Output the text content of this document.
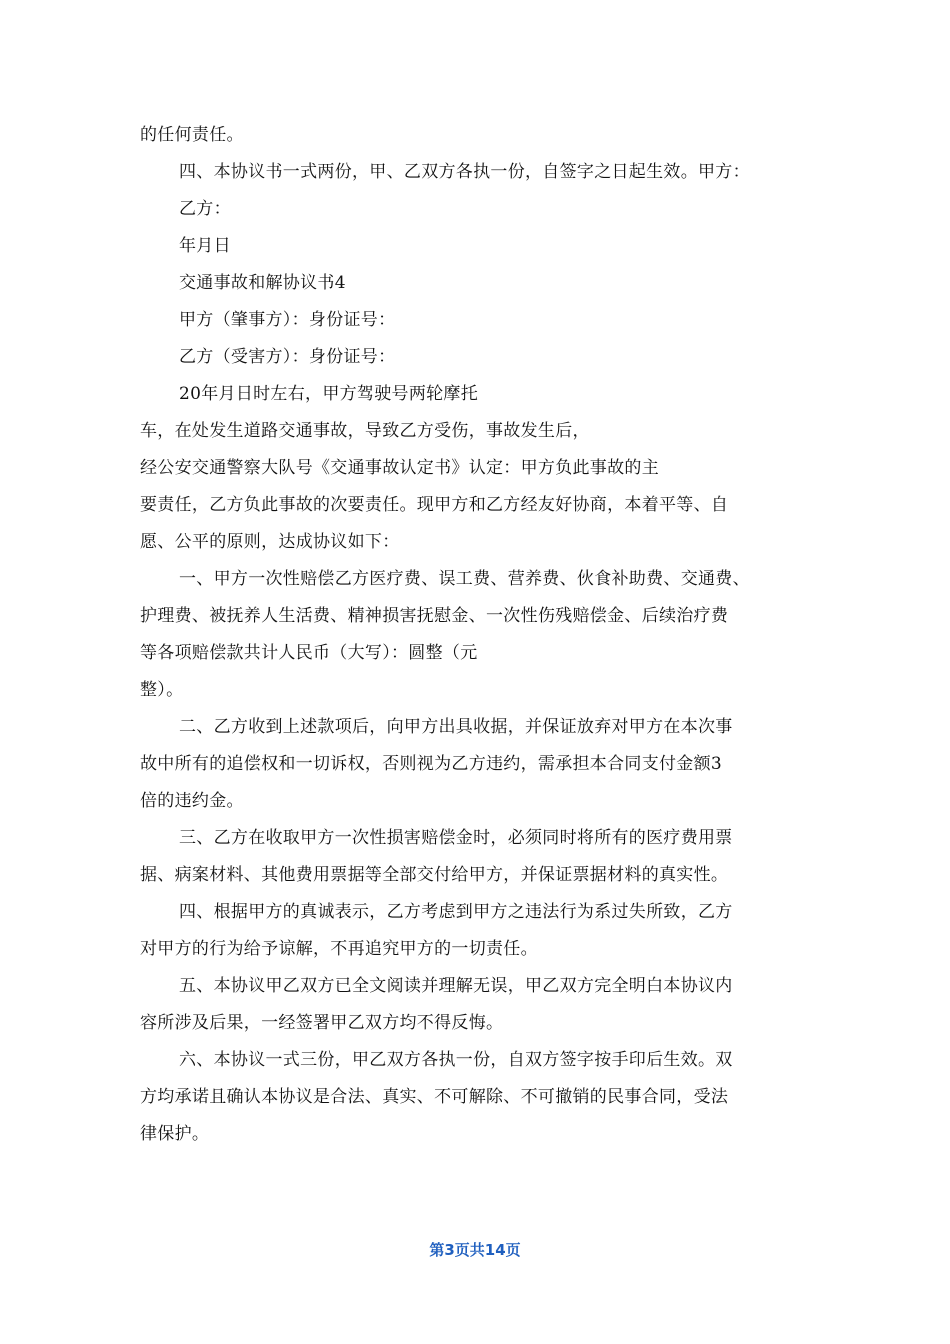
的任何责任。
四、本协议书一式两份，甲、乙双方各执一份，自签字之日起生效。甲方：
乙方：
年月日
交通事故和解协议书4
甲方（肇事方）：身份证号：
乙方（受害方）：身份证号：
20年月日时左右，甲方驾驶号两轮摩托
车，在处发生道路交通事故，导致乙方受伤，事故发生后，
经公安交通警察大队号《交通事故认定书》认定：甲方负此事故的主
要责任，乙方负此事故的次要责任。现甲方和乙方经友好协商，本着平等、自
愿、公平的原则，达成协议如下：
一、甲方一次性赔偿乙方医疗费、误工费、营养费、伙食补助费、交通费、
护理费、被抚养人生活费、精神损害抚慰金、一次性伤残赔偿金、后续治疗费
等各项赔偿款共计人民币（大写）：圆整（元
整）。
二、乙方收到上述款项后，向甲方出具收据，并保证放弃对甲方在本次事
故中所有的追偿权和一切诉权，否则视为乙方违约，需承担本合同支付金额3
倍的违约金。
三、乙方在收取甲方一次性损害赔偿金时，必须同时将所有的医疗费用票
据、病案材料、其他费用票据等全部交付给甲方，并保证票据材料的真实性。
四、根据甲方的真诚表示，乙方考虑到甲方之违法行为系过失所致，乙方
对甲方的行为给予谅解，不再追究甲方的一切责任。
五、本协议甲乙双方已全文阅读并理解无误，甲乙双方完全明白本协议内
容所涉及后果，一经签署甲乙双方均不得反悔。
六、本协议一式三份，甲乙双方各执一份，自双方签字按手印后生效。双
方均承诺且确认本协议是合法、真实、不可解除、不可撤销的民事合同，受法
律保护。
第3页共14页
